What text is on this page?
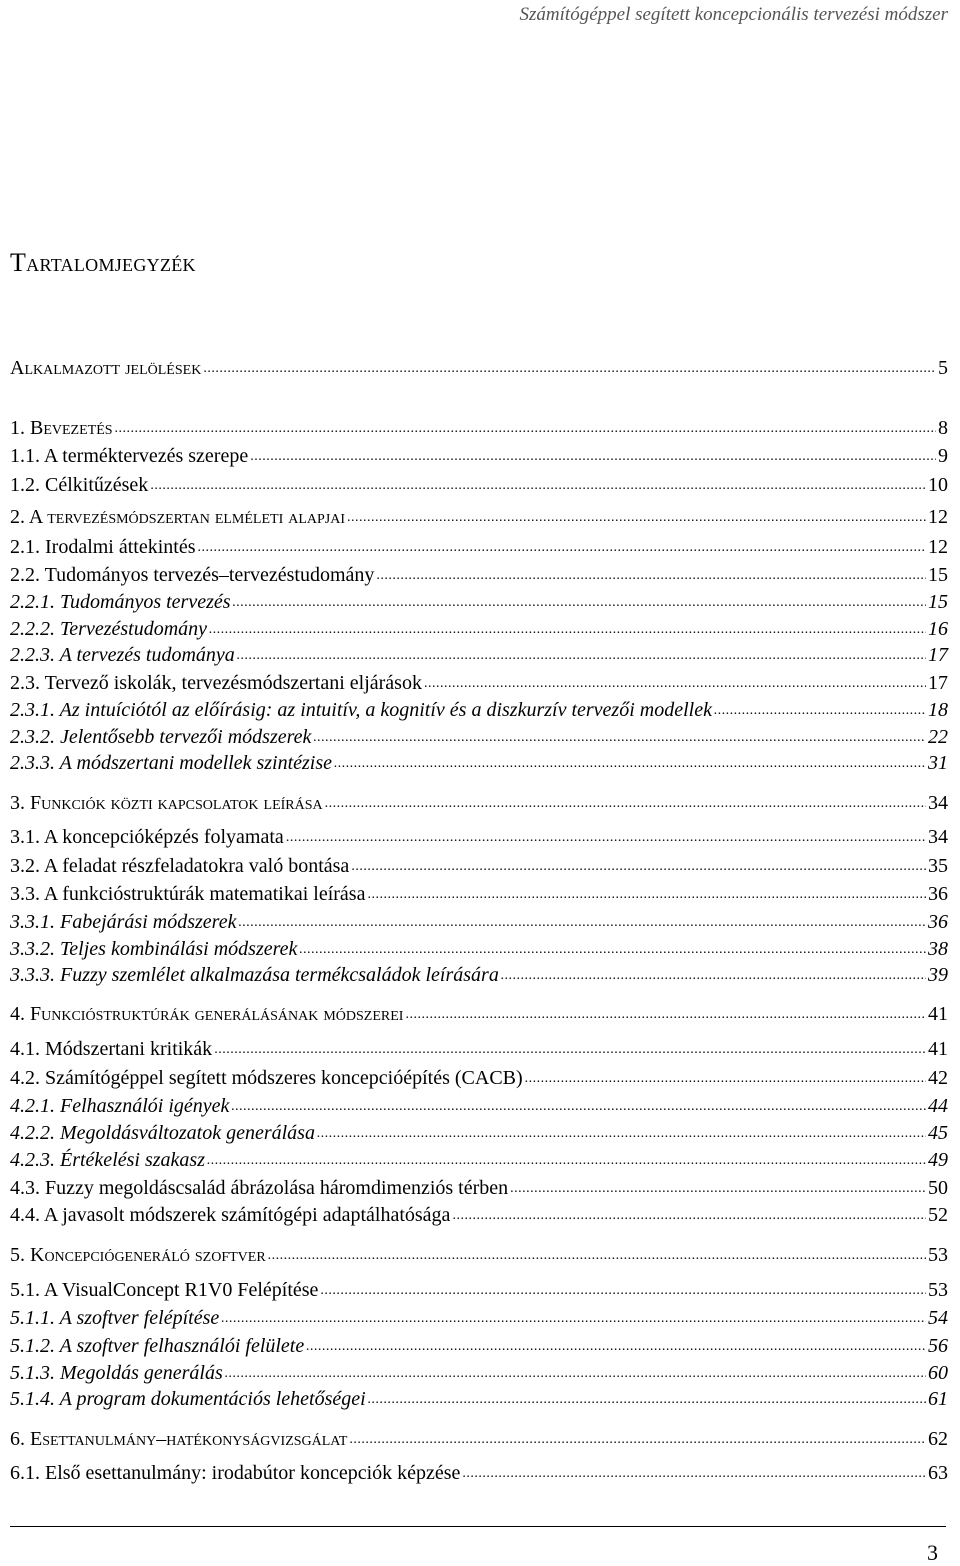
Számítógéppel segített koncepcionális tervezési módszer
Tartalomjegyzék
Alkalmazott jelölések .....	5
1. Bevezetés .....	8
1.1. A terméktervezés szerepe .....	9
1.2. Célkitűzések .....	10
2. A tervezésmódszertan elméleti alapjai .....	12
2.1. Irodalmi áttekintés .....	12
2.2. Tudományos tervezés–tervezéstudomány .....	15
2.2.1. Tudományos tervezés .....	15
2.2.2. Tervezéstudomány .....	16
2.2.3. A tervezés tudománya .....	17
2.3. Tervező iskolák, tervezésmódszertani eljárások .....	17
2.3.1. Az intuíciótól az előírásig: az intuitív, a kognitív és a diszkurzív tervezői modellek .....	18
2.3.2. Jelentősebb tervezői módszerek .....	22
2.3.3. A módszertani modellek szintézise .....	31
3. Funkciók közti kapcsolatok leírása .....	34
3.1. A koncepcióképzés folyamata .....	34
3.2. A feladat részfeladatokra való bontása .....	35
3.3. A funkcióstruktúrák matematikai leírása .....	36
3.3.1. Fabejárási módszerek .....	36
3.3.2. Teljes kombinálási módszerek .....	38
3.3.3. Fuzzy szemlélet alkalmazása termékcsaládok leírására .....	39
4. Funkcióstruktúrák generálásának módszerei .....	41
4.1. Módszertani kritikák .....	41
4.2. Számítógéppel segített módszeres koncepcióépítés (CACB) .....	42
4.2.1. Felhasználói igények .....	44
4.2.2. Megoldásváltozatok generálása .....	45
4.2.3. Értékelési szakasz .....	49
4.3. Fuzzy megoldáscsalád ábrázolása háromdimenziós térben .....	50
4.4. A javasolt módszerek számítógépi adaptálhatósága .....	52
5. Koncepciógeneráló szoftver .....	53
5.1. A VisualConcept R1V0 Felépítése .....	53
5.1.1. A szoftver felépítése .....	54
5.1.2. A szoftver felhasználói felülete .....	56
5.1.3. Megoldás generálás .....	60
5.1.4. A program dokumentációs lehetőségei .....	61
6. Esettanulmány–hatékonyságvizsgálat .....	62
6.1. Első esettanulmány: irodabútor koncepciók képzése .....	63
3
